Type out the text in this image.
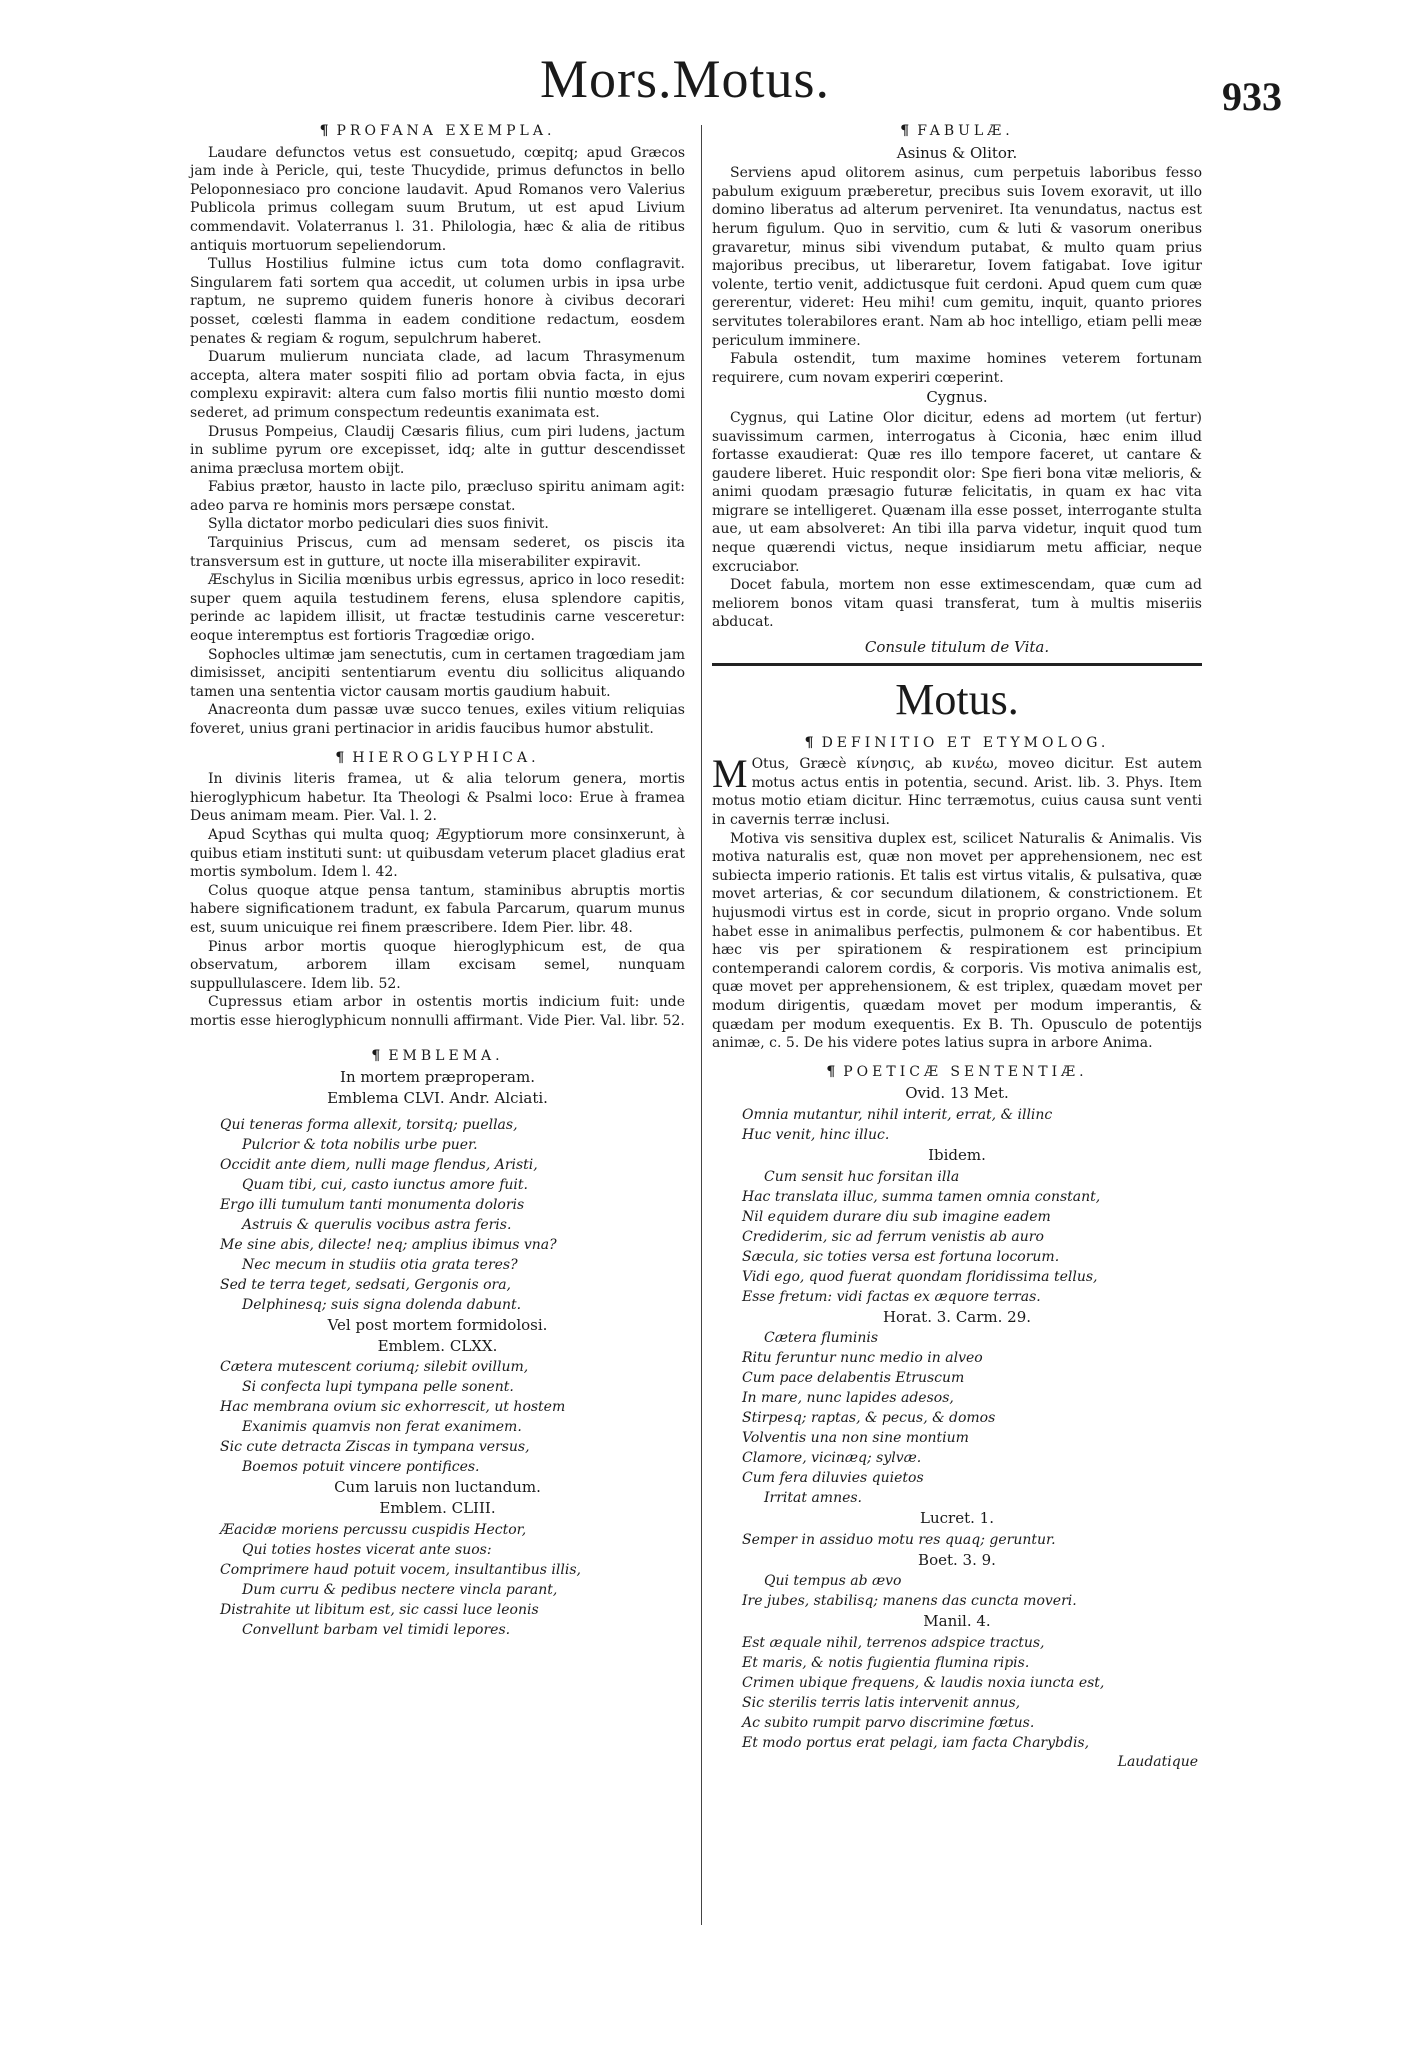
Mors.Motus.	933
¶ PROFANA EXEMPLA.

Laudare defunctos vetus est consuetudo, cœpitq; apud Græcos jam inde à Pericle, qui, teste Thucydide, primus defunctos in bello Peloponnesiaco pro concione laudavit. Apud Romanos vero Valerius Publicola primus collegam suum Brutum, ut est apud Livium commendavit. Volaterranus l. 31. Philologia, hæc & alia de ritibus antiquis mortuorum sepeliendorum.

Tullus Hostilius fulmine ictus cum tota domo conflagravit. Singularem fati sortem qua accedit, ut columen urbis in ipsa urbe raptum, ne supremo quidem funeris honore à civibus decorari posset, cœlesti flamma in eadem conditione redactum, eosdem penates & regiam & rogum, sepulchrum haberet.

Duarum mulierum nunciata clade, ad lacum Thrasymenum accepta, altera mater sospiti filio ad portam obvia facta, in ejus complexu expiravit: altera cum falso mortis filii nuntio mœsto domi sederet, ad primum conspectum redeuntis exanimata est.

Drusus Pompeius, Claudij Cæsaris filius, cum piri ludens, jactum in sublime pyrum ore excepisset, idq; alte in guttur descendisset anima præclusa mortem obijt.

Fabius prætor, hausto in lacte pilo, præcluso spiritu animam agit: adeo parva re hominis mors persæpe constat.

Sylla dictator morbo pediculari dies suos finivit.

Tarquinius Priscus, cum ad mensam sederet, os piscis ita transversum est in gutture, ut nocte illa miserabiliter expiravit.

Æschylus in Sicilia mœnibus urbis egressus, aprico in loco resedit: super quem aquila testudinem ferens, elusa splendore capitis, perinde ac lapidem illisit, ut fractæ testudinis carne vesceretur: eoque interemptus est fortioris Tragœdiæ origo.

Sophocles ultimæ jam senectutis, cum in certamen tragœdiam jam dimisisset, ancipiti sententiarum eventu diu sollicitus aliquando tamen una sententia victor causam mortis gaudium habuit.

Anacreonta dum passæ uvæ succo tenues, exiles vitium reliquias foveret, unius grani pertinacior in aridis faucibus humor abstulit.

¶ HIEROGLYPHICA.

In divinis literis framea, ut & alia telorum genera, mortis hieroglyphicum habetur. Ita Theologi & Psalmi loco: Erue à framea Deus animam meam. Pier. Val. l. 2.

Apud Scythas qui multa quoq; Ægyptiorum more consinxerunt, à quibus etiam instituti sunt: ut quibusdam veterum placet gladius erat mortis symbolum. Idem l. 42.

Colus quoque atque pensa tantum, staminibus abruptis mortis habere significationem tradunt, ex fabula Parcarum, quarum munus est, suum unicuique rei finem præscribere. Idem Pier. libr. 48.

Pinus arbor mortis quoque hieroglyphicum est, de qua observatum, arborem illam excisam semel, nunquam suppullulascere. Idem lib. 52.

Cupressus etiam arbor in ostentis mortis indicium fuit: unde mortis esse hieroglyphicum nonnulli affirmant. Vide Pier. Val. libr. 52.

¶ EMBLEMA.
In mortem præproperam.
Emblema CLVI. Andr. Alciati.
Qui teneras forma allexit, torsitq; puellas,
Pulcrior & tota nobilis urbe puer.
Occidit ante diem, nulli mage flendus, Aristi,
Quam tibi, cui, casto iunctus amore fuit.
Ergo illi tumulum tanti monumenta doloris
Astruis & querulis vocibus astra feris.
Me sine abis, dilecte! neq; amplius ibimus vna?
Nec mecum in studiis otia grata teres?
Sed te terra teget, sedsati, Gergonis ora,
Delphinesq; suis signa dolenda dabunt.
Vel post mortem formidolosi.
Emblem. CLXX.
Cætera mutescent coriumq; silebit ovillum,
Si confecta lupi tympana pelle sonent.
Hac membrana ovium sic exhorrescit, ut hostem
Exanimis quamvis non ferat exanimem.
Sic cute detracta Ziscas in tympana versus,
Boemos potuit vincere pontifices.
Cum laruis non luctandum.
Emblem. CLIII.
Æacidæ moriens percussu cuspidis Hector,
Qui toties hostes vicerat ante suos:
Comprimere haud potuit vocem, insultantibus illis,
Dum curru & pedibus nectere vincla parant,
Distrahite ut libitum est, sic cassi luce leonis
Convellunt barbam vel timidi lepores.
¶ FABULÆ.
Asinus & Olitor.

Serviens apud olitorem asinus, cum perpetuis laboribus fesso pabulum exiguum præberetur, precibus suis Iovem exoravit, ut illo domino liberatus ad alterum perveniret. Ita venundatus, nactus est herum figulum. Quo in servitio, cum & luti & vasorum oneribus gravaretur, minus sibi vivendum putabat, & multo quam prius majoribus precibus, ut liberaretur, Iovem fatigabat. Iove igitur volente, tertio venit, addictusque fuit cerdoni. Apud quem cum quæ gererentur, videret: Heu mihi! cum gemitu, inquit, quanto priores servitutes tolerabilores erant. Nam ab hoc intelligo, etiam pelli meæ periculum imminere.

Fabula ostendit, tum maxime homines veterem fortunam requirere, cum novam experiri cœperint.

Cygnus.

Cygnus, qui Latine Olor dicitur, edens ad mortem (ut fertur) suavissimum carmen, interrogatus à Ciconia, hæc enim illud fortasse exaudierat: Quæ res illo tempore faceret, ut cantare & gaudere liberet. Huic respondit olor: Spe fieri bona vitæ melioris, & animi quodam præsagio futuræ felicitatis, in quam ex hac vita migrare se intelligeret. Quænam illa esse posset, interrogante stulta aue, ut eam absolveret: An tibi illa parva videtur, inquit quod tum neque quærendi victus, neque insidiarum metu afficiar, neque excruciabor.

Docet fabula, mortem non esse extimescendam, quæ cum ad meliorem bonos vitam quasi transferat, tum à multis miseriis abducat.

Consule titulum de Vita.
Motus.
¶ DEFINITIO ET ETYMOLOG.
M Otus, Græcè κίνησις, ab κινέω, moveo dicitur. Est autem motus actus entis in potentia, secund. Arist. lib. 3. Phys. Item motus motio etiam dicitur. Hinc terræmotus, cuius causa sunt venti in cavernis terræ inclusi.

Motiva vis sensitiva duplex est, scilicet Naturalis & Animalis. Vis motiva naturalis est, quæ non movet per apprehensionem, nec est subiecta imperio rationis. Et talis est virtus vitalis, & pulsativa, quæ movet arterias, & cor secundum dilationem, & constrictionem. Et hujusmodi virtus est in corde, sicut in proprio organo. Vnde solum habet esse in animalibus perfectis, pulmonem & cor habentibus. Et hæc vis per spirationem & respirationem est principium contemperandi calorem cordis, & corporis. Vis motiva animalis est, quæ movet per apprehensionem, & est triplex, quædam movet per modum dirigentis, quædam movet per modum imperantis, & quædam per modum exequentis. Ex B. Th. Opusculo de potentijs animæ, c. 5. De his videre potes latius supra in arbore Anima.

¶ POETICÆ SENTENTIÆ.
Ovid. 13 Met.
Omnia mutantur, nihil interit, errat, & illinc
Huc venit, hinc illuc.
Ibidem.
Cum sensit huc forsitan illa
Hac translata illuc, summa tamen omnia constant,
Nil equidem durare diu sub imagine eadem
Crediderim, sic ad ferrum venistis ab auro
Sæcula, sic toties versa est fortuna locorum.
Vidi ego, quod fuerat quondam floridissima tellus,
Esse fretum: vidi factas ex æquore terras.
Horat. 3. Carm. 29.
Cætera fluminis
Ritu feruntur nunc medio in alveo
Cum pace delabentis Etruscum
In mare, nunc lapides adesos,
Stirpesq; raptas, & pecus, & domos
Volventis una non sine montium
Clamore, vicinæq; sylvæ.
Cum fera diluvies quietos
Irritat amnes.
Lucret. 1.
Semper in assiduo motu res quaq; geruntur.
Boet. 3. 9.
Qui tempus ab ævo
Ire jubes, stabilisq; manens das cuncta moveri.
Manil. 4.
Est æquale nihil, terrenos adspice tractus,
Et maris, & notis fugientia flumina ripis.
Crimen ubique frequens, & laudis noxia iuncta est,
Sic sterilis terris latis intervenit annus,
Ac subito rumpit parvo discrimine fœtus.
Et modo portus erat pelagi, iam facta Charybdis,
Laudatique
